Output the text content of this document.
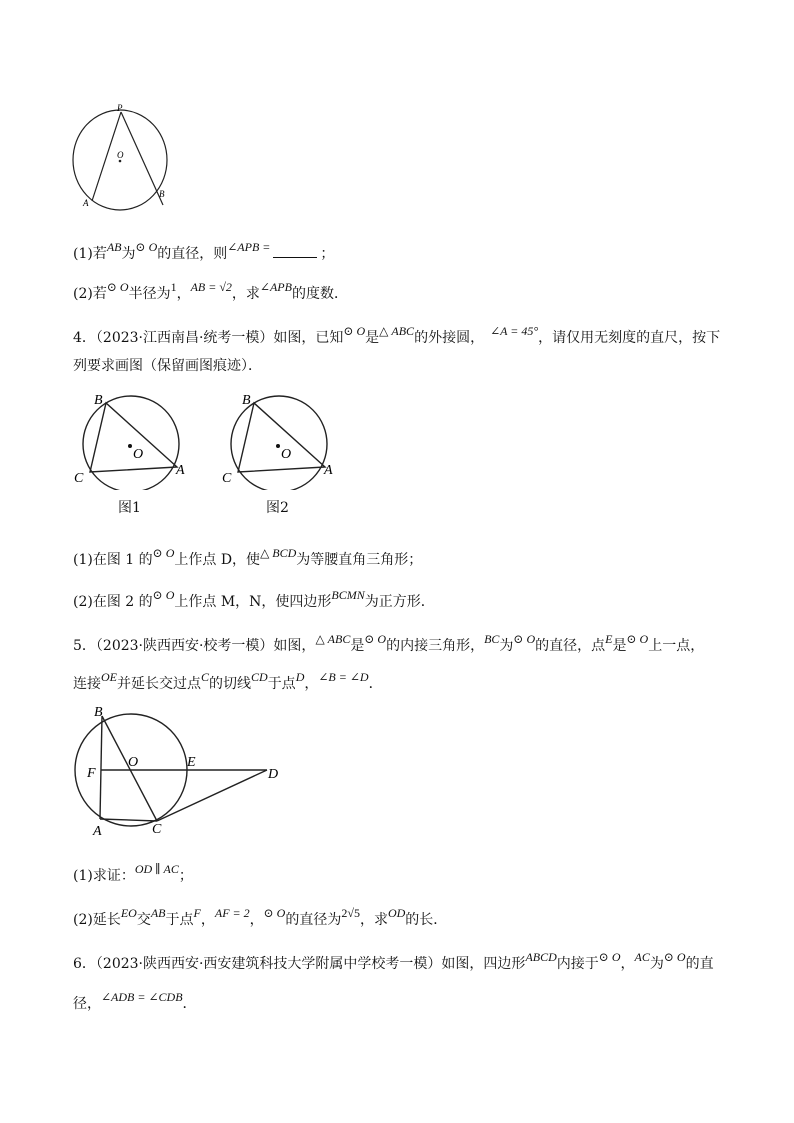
P
O
A
B
(1)若AB为⊙ O的直径，则∠APB =	；
(2)若⊙ O半径为1，AB = √2，求∠APB的度数．
4．（2023·江西南昌·统考一模）如图，已知⊙ O是△ ABC的外接圆， ∠A = 45°，请仅用无刻度的直尺，按下
列要求画图（保留画图痕迹）．
B
O
C
A
图1
B
O
C
A
图2
(1)在图 1 的⊙ O上作点 D，使△ BCD为等腰直角三角形；
(2)在图 2 的⊙ O上作点 M，N，使四边形BCMN为正方形．
5．（2023·陕西西安·校考一模）如图，△ ABC是⊙ O的内接三角形，BC为⊙ O的直径，点E是⊙ O上一点，
连接OE并延长交过点C的切线CD于点D，∠B = ∠D．
B
O	E
D
F
A	C
(1)求证：OD ∥ AC；
(2)延长EO交AB于点F，AF = 2，⊙ O的直径为2√5，求OD的长．
6．（2023·陕西西安·西安建筑科技大学附属中学校考一模）如图，四边形ABCD内接于⊙ O，AC为⊙ O的直
径，∠ADB = ∠CDB．
